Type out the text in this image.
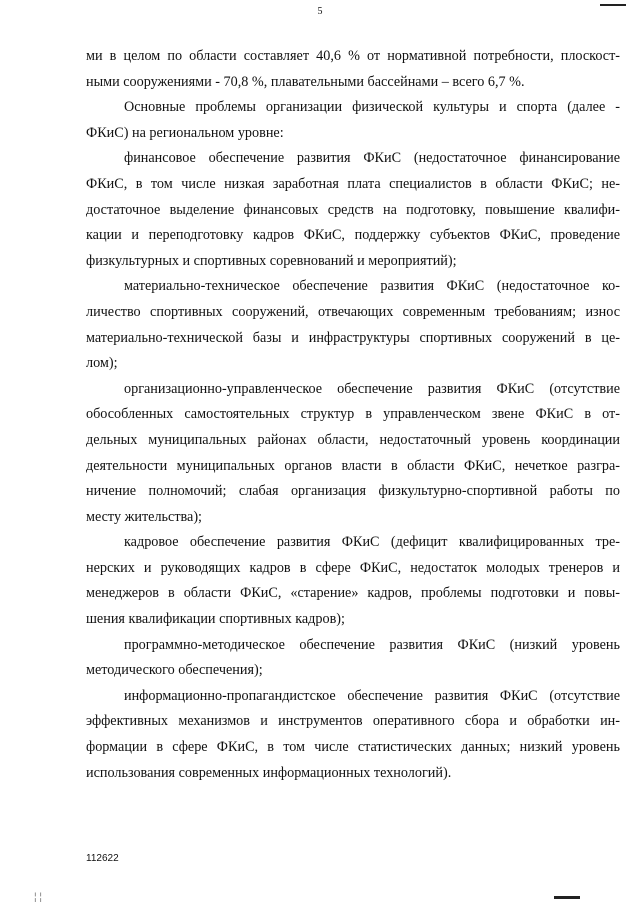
5

ми в целом по области составляет 40,6 % от нормативной потребности, плоскост-
ными сооружениями - 70,8 %, плавательными бассейнами – всего 6,7 %.

Основные проблемы организации физической культуры и спорта (далее -
ФКиС) на региональном уровне:

финансовое обеспечение развития ФКиС (недостаточное финансирование
ФКиС, в том числе низкая заработная плата специалистов в области ФКиС; не-
достаточное выделение финансовых средств на подготовку, повышение квалифи-
кации и переподготовку кадров ФКиС, поддержку субъектов ФКиС, проведение
физкультурных и спортивных соревнований и мероприятий);

материально-техническое обеспечение развития ФКиС (недостаточное ко-
личество спортивных сооружений, отвечающих современным требованиям; износ
материально-технической базы и инфраструктуры спортивных сооружений в це-
лом);

организационно-управленческое обеспечение развития ФКиС (отсутствие
обособленных самостоятельных структур в управленческом звене ФКиС в от-
дельных муниципальных районах области, недостаточный уровень координации
деятельности муниципальных органов власти в области ФКиС, нечеткое разгра-
ничение полномочий; слабая организация физкультурно-спортивной работы по
месту жительства);

кадровое обеспечение развития ФКиС (дефицит квалифицированных тре-
нерских и руководящих кадров в сфере ФКиС, недостаток молодых тренеров и
менеджеров в области ФКиС, «старение» кадров, проблемы подготовки и повы-
шения квалификации спортивных кадров);

программно-методическое обеспечение развития ФКиС (низкий уровень
методического обеспечения);

информационно-пропагандистское обеспечение развития ФКиС (отсутствие
эффективных механизмов и инструментов оперативного сбора и обработки ин-
формации в сфере ФКиС, в том числе статистических данных; низкий уровень
использования современных информационных технологий).

112622
¦ ¦
